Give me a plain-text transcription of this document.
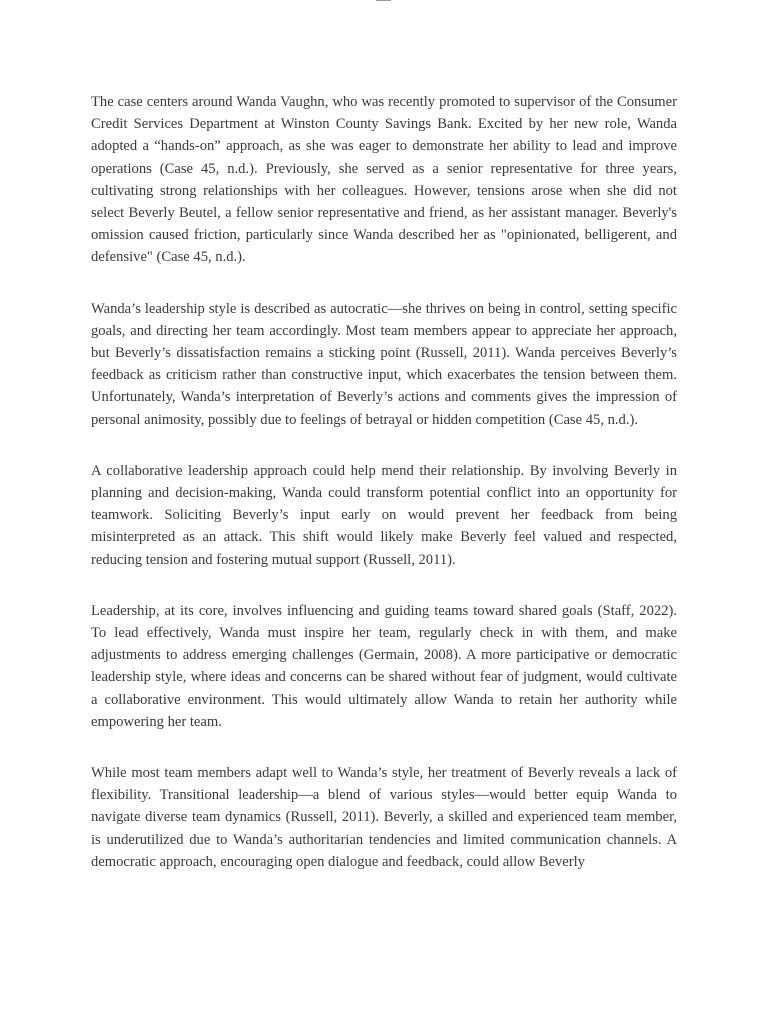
The case centers around Wanda Vaughn, who was recently promoted to supervisor of the Consumer Credit Services Department at Winston County Savings Bank. Excited by her new role, Wanda adopted a “hands-on” approach, as she was eager to demonstrate her ability to lead and improve operations (Case 45, n.d.). Previously, she served as a senior representative for three years, cultivating strong relationships with her colleagues. However, tensions arose when she did not select Beverly Beutel, a fellow senior representative and friend, as her assistant manager. Beverly's omission caused friction, particularly since Wanda described her as "opinionated, belligerent, and defensive" (Case 45, n.d.).

Wanda’s leadership style is described as autocratic—she thrives on being in control, setting specific goals, and directing her team accordingly. Most team members appear to appreciate her approach, but Beverly’s dissatisfaction remains a sticking point (Russell, 2011). Wanda perceives Beverly’s feedback as criticism rather than constructive input, which exacerbates the tension between them. Unfortunately, Wanda’s interpretation of Beverly’s actions and comments gives the impression of personal animosity, possibly due to feelings of betrayal or hidden competition (Case 45, n.d.).

A collaborative leadership approach could help mend their relationship. By involving Beverly in planning and decision-making, Wanda could transform potential conflict into an opportunity for teamwork. Soliciting Beverly’s input early on would prevent her feedback from being misinterpreted as an attack. This shift would likely make Beverly feel valued and respected, reducing tension and fostering mutual support (Russell, 2011).

Leadership, at its core, involves influencing and guiding teams toward shared goals (Staff, 2022). To lead effectively, Wanda must inspire her team, regularly check in with them, and make adjustments to address emerging challenges (Germain, 2008). A more participative or democratic leadership style, where ideas and concerns can be shared without fear of judgment, would cultivate a collaborative environment. This would ultimately allow Wanda to retain her authority while empowering her team.

While most team members adapt well to Wanda’s style, her treatment of Beverly reveals a lack of flexibility. Transitional leadership—a blend of various styles—would better equip Wanda to navigate diverse team dynamics (Russell, 2011). Beverly, a skilled and experienced team member, is underutilized due to Wanda’s authoritarian tendencies and limited communication channels. A democratic approach, encouraging open dialogue and feedback, could allow Beverly
